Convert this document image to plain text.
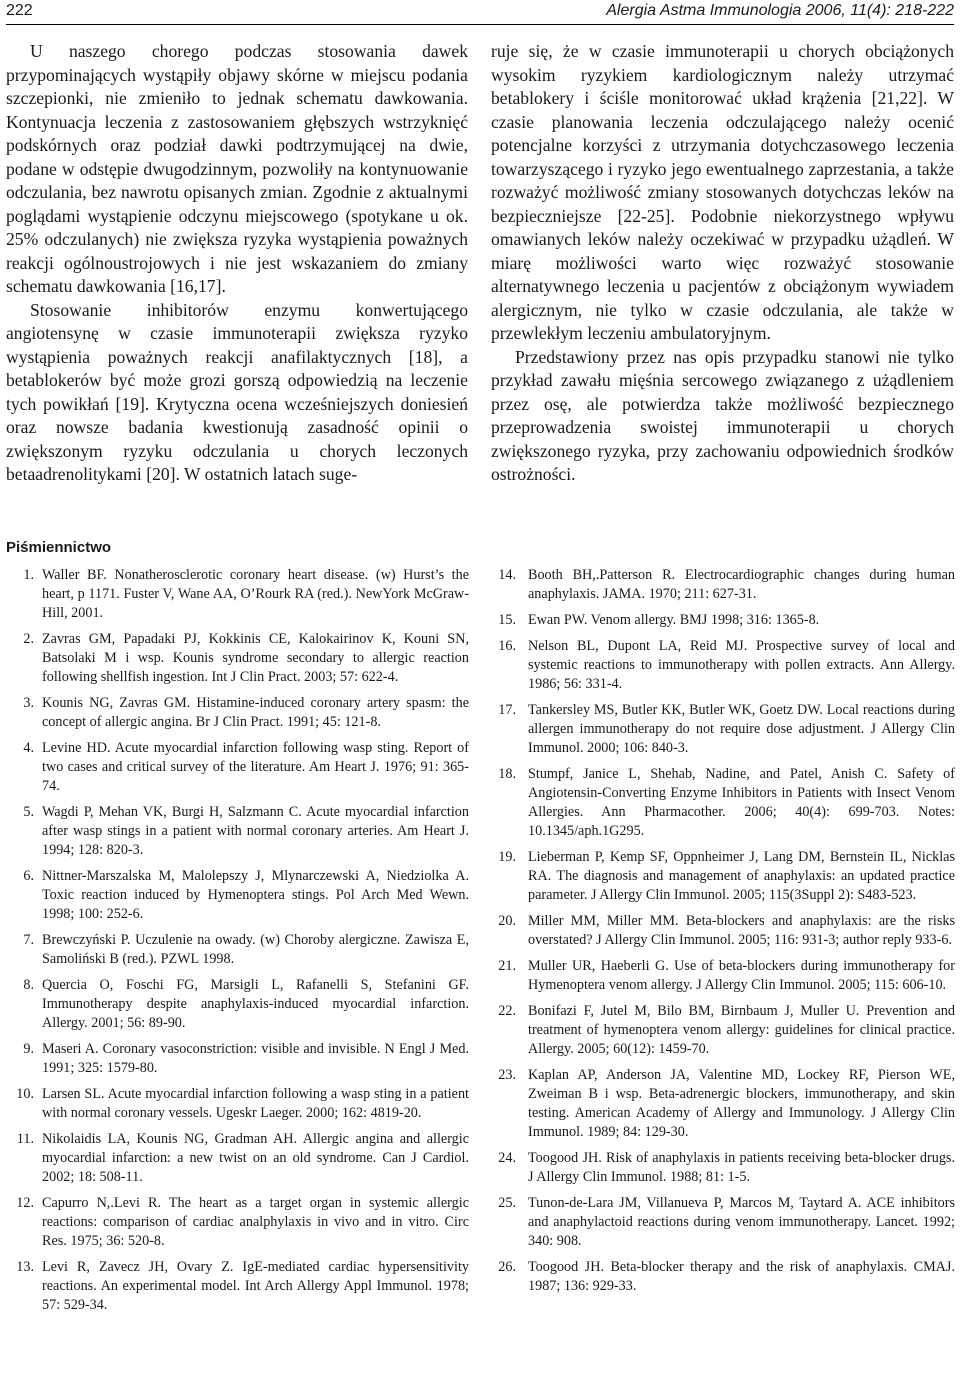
222	Alergia Astma Immunologia 2006, 11(4): 218-222

U naszego chorego podczas stosowania dawek przypominających wystąpiły objawy skórne w miejscu podania szczepionki, nie zmieniło to jednak schematu dawkowania. Kontynuacja leczenia z zastosowaniem głębszych wstrzyknięć podskórnych oraz podział dawki podtrzymującej na dwie, podane w odstępie dwugodzinnym, pozwoliły na kontynuowanie odczulania, bez nawrotu opisanych zmian. Zgodnie z aktualnymi poglądami wystąpienie odczynu miejscowego (spotykane u ok. 25% odczulanych) nie zwiększa ryzyka wystąpienia poważnych reakcji ogólnoustrojowych i nie jest wskazaniem do zmiany schematu dawkowania [16,17].

Stosowanie inhibitorów enzymu konwertującego angiotensynę w czasie immunoterapii zwiększa ryzyko wystąpienia poważnych reakcji anafilaktycznych [18], a betablokerów być może grozi gorszą odpowiedzią na leczenie tych powikłań [19]. Krytyczna ocena wcześniejszych doniesień oraz nowsze badania kwestionują zasadność opinii o zwiększonym ryzyku odczulania u chorych leczonych betaadrenolitykami [20]. W ostatnich latach suge-

ruje się, że w czasie immunoterapii u chorych obciążonych wysokim ryzykiem kardiologicznym należy utrzymać betablokery i ściśle monitorować układ krążenia [21,22]. W czasie planowania leczenia odczulającego należy ocenić potencjalne korzyści z utrzymania dotychczasowego leczenia towarzyszącego i ryzyko jego ewentualnego zaprzestania, a także rozważyć możliwość zmiany stosowanych dotychczas leków na bezpieczniejsze [22-25]. Podobnie niekorzystnego wpływu omawianych leków należy oczekiwać w przypadku użądleń. W miarę możliwości warto więc rozważyć stosowanie alternatywnego leczenia u pacjentów z obciążonym wywiadem alergicznym, nie tylko w czasie odczulania, ale także w przewlekłym leczeniu ambulatoryjnym.

Przedstawiony przez nas opis przypadku stanowi nie tylko przykład zawału mięśnia sercowego związanego z użądleniem przez osę, ale potwierdza także możliwość bezpiecznego przeprowadzenia swoistej immunoterapii u chorych zwiększonego ryzyka, przy zachowaniu odpowiednich środków ostrożności.

Piśmiennictwo
1. Waller BF. Nonatherosclerotic coronary heart disease. (w) Hurst’s the heart, p 1171. Fuster V, Wane AA, O’Rourk RA (red.). NewYork McGraw-Hill, 2001.
2. Zavras GM, Papadaki PJ, Kokkinis CE, Kalokairinov K, Kouni SN, Batsolaki M i wsp. Kounis syndrome secondary to allergic reaction following shellfish ingestion. Int J Clin Pract. 2003; 57: 622-4.
3. Kounis NG, Zavras GM. Histamine-induced coronary artery spasm: the concept of allergic angina. Br J Clin Pract. 1991; 45: 121-8.
4. Levine HD. Acute myocardial infarction following wasp sting. Report of two cases and critical survey of the literature. Am Heart J. 1976; 91: 365-74.
5. Wagdi P, Mehan VK, Burgi H, Salzmann C. Acute myocardial infarction after wasp stings in a patient with normal coronary arteries. Am Heart J. 1994; 128: 820-3.
6. Nittner-Marszalska M, Malolepszy J, Mlynarczewski A, Niedziolka A. Toxic reaction induced by Hymenoptera stings. Pol Arch Med Wewn. 1998; 100: 252-6.
7. Brewczyński P. Uczulenie na owady. (w) Choroby alergiczne. Zawisza E, Samoliński B (red.). PZWL 1998.
8. Quercia O, Foschi FG, Marsigli L, Rafanelli S, Stefanini GF. Immunotherapy despite anaphylaxis-induced myocardial infarction. Allergy. 2001; 56: 89-90.
9. Maseri A. Coronary vasoconstriction: visible and invisible. N Engl J Med. 1991; 325: 1579-80.
10. Larsen SL. Acute myocardial infarction following a wasp sting in a patient with normal coronary vessels. Ugeskr Laeger. 2000; 162: 4819-20.
11. Nikolaidis LA, Kounis NG, Gradman AH. Allergic angina and allergic myocardial infarction: a new twist on an old syndrome. Can J Cardiol. 2002; 18: 508-11.
12. Capurro N,.Levi R. The heart as a target organ in systemic allergic reactions: comparison of cardiac analphylaxis in vivo and in vitro. Circ Res. 1975; 36: 520-8.
13. Levi R, Zavecz JH, Ovary Z. IgE-mediated cardiac hypersensitivity reactions. An experimental model. Int Arch Allergy Appl Immunol. 1978; 57: 529-34.
14. Booth BH,.Patterson R. Electrocardiographic changes during human anaphylaxis. JAMA. 1970; 211: 627-31.
15. Ewan PW. Venom allergy. BMJ 1998; 316: 1365-8.
16. Nelson BL, Dupont LA, Reid MJ. Prospective survey of local and systemic reactions to immunotherapy with pollen extracts. Ann Allergy. 1986; 56: 331-4.
17. Tankersley MS, Butler KK, Butler WK, Goetz DW. Local reactions during allergen immunotherapy do not require dose adjustment. J Allergy Clin Immunol. 2000; 106: 840-3.
18. Stumpf, Janice L, Shehab, Nadine, and Patel, Anish C. Safety of Angiotensin-Converting Enzyme Inhibitors in Patients with Insect Venom Allergies. Ann Pharmacother. 2006; 40(4): 699-703. Notes: 10.1345/aph.1G295.
19. Lieberman P, Kemp SF, Oppnheimer J, Lang DM, Bernstein IL, Nicklas RA. The diagnosis and management of anaphylaxis: an updated practice parameter. J Allergy Clin Immunol. 2005; 115(3Suppl 2): S483-523.
20. Miller MM, Miller MM. Beta-blockers and anaphylaxis: are the risks overstated? J Allergy Clin Immunol. 2005; 116: 931-3; author reply 933-6.
21. Muller UR, Haeberli G. Use of beta-blockers during immunotherapy for Hymenoptera venom allergy. J Allergy Clin Immunol. 2005; 115: 606-10.
22. Bonifazi F, Jutel M, Bilo BM, Birnbaum J, Muller U. Prevention and treatment of hymenoptera venom allergy: guidelines for clinical practice. Allergy. 2005; 60(12): 1459-70.
23. Kaplan AP, Anderson JA, Valentine MD, Lockey RF, Pierson WE, Zweiman B i wsp. Beta-adrenergic blockers, immunotherapy, and skin testing. American Academy of Allergy and Immunology. J Allergy Clin Immunol. 1989; 84: 129-30.
24. Toogood JH. Risk of anaphylaxis in patients receiving beta-blocker drugs. J Allergy Clin Immunol. 1988; 81: 1-5.
25. Tunon-de-Lara JM, Villanueva P, Marcos M, Taytard A. ACE inhibitors and anaphylactoid reactions during venom immunotherapy. Lancet. 1992; 340: 908.
26. Toogood JH. Beta-blocker therapy and the risk of anaphylaxis. CMAJ. 1987; 136: 929-33.
